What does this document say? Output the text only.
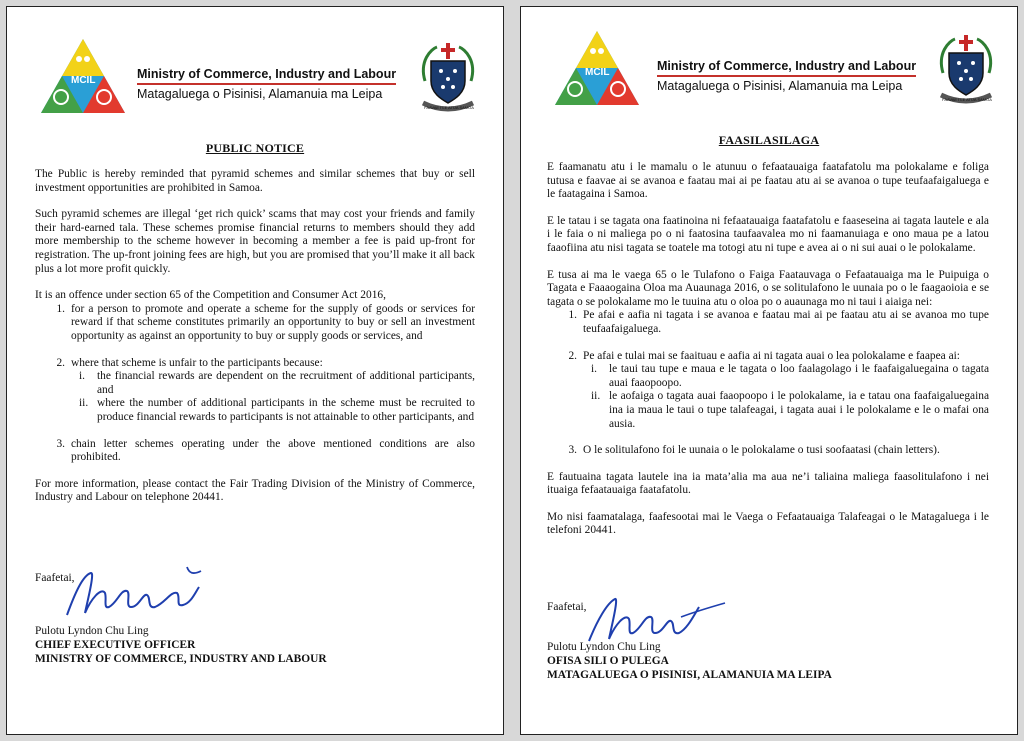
MCIL	Ministry of Commerce, Industry and Labour
Matagaluega o Pisinisi, Alamanuia ma Leipa
FAAVAE I LE ATUA SAMOA
PUBLIC NOTICE

The Public is hereby reminded that pyramid schemes and similar schemes that buy or sell investment opportunities are prohibited in Samoa.

Such pyramid schemes are illegal ‘get rich quick’ scams that may cost your friends and family their hard-earned tala. These schemes promise financial returns to members should they add more membership to the scheme however in becoming a member a fee is paid up-front for registration. The up-front joining fees are high, but you are promised that you’ll make it all back plus a lot more profit quickly.

It is an offence under section 65 of the Competition and Consumer Act 2016,

1. for a person to promote and operate a scheme for the supply of goods or services for reward if that scheme constitutes primarily an opportunity to buy or sell an investment opportunity as against an opportunity to buy or supply goods or services, and
2. where that scheme is unfair to the participants because:
i. the financial rewards are dependent on the recruitment of additional participants, and
ii. where the number of additional participants in the scheme must be recruited to produce financial rewards to participants is not attainable to other participants, and
3. chain letter schemes operating under the above mentioned conditions are also prohibited.

For more information, please contact the Fair Trading Division of the Ministry of Commerce, Industry and Labour on telephone 20441.

Faafetai,
Pulotu Lyndon Chu Ling
CHIEF EXECUTIVE OFFICER
MINISTRY OF COMMERCE, INDUSTRY AND LABOUR
MCIL	Ministry of Commerce, Industry and Labour
Matagaluega o Pisinisi, Alamanuia ma Leipa
FAAVAE I LE ATUA SAMOA
FAASILASILAGA

E faamanatu atu i le mamalu o le atunuu o fefaatauaiga faatafatolu ma polokalame e foliga tutusa e faavae ai se avanoa e faatau mai ai pe faatau atu ai se avanoa o tupe teufaafaigaluega e le faatagaina i Samoa.

E le tatau i se tagata ona faatinoina ni fefaatauaiga faatafatolu e faaseseina ai tagata lautele e ala i le faia o ni maliega po o ni faatosina taufaavalea mo ni faamanuiaga e ono maua pe a latou faaofiina atu nisi tagata se toatele ma totogi atu ni tupe e avea ai o ni sui auai o le polokalame.

E tusa ai ma le vaega 65 o le Tulafono o Faiga Faatauvaga o Fefaatauaiga ma le Puipuiga o Tagata e Faaaogaina Oloa ma Auaunaga 2016, o se solitulafono le uunaia po o le faagaoioia e se tagata o se polokalame mo le tuuina atu o oloa po o auaunaga mo ni taui i aiaiga nei:

1. Pe afai e aafia ni tagata i se avanoa e faatau mai ai pe faatau atu ai se avanoa mo tupe teufaafaigaluega.
2. Pe afai e tulai mai se faaituau e aafia ai ni tagata auai o lea polokalame e faapea ai:
i. le taui tau tupe e maua e le tagata o loo faalagolago i le faafaigaluegaina o tagata auai faaopoopo.
ii. le aofaiga o tagata auai faaopoopo i le polokalame, ia e tatau ona faafaigaluegaina ina ia maua le taui o tupe talafeagai, i tagata auai i le polokalame e le o mafai ona ausia.
3. O le solitulafono foi le uunaia o le polokalame o tusi soofaatasi (chain letters).

E fautuaina tagata lautele ina ia mata’alia ma aua ne’i taliaina maliega faasolitulafono i nei ituaiga fefaatauaiga faatafatolu.

Mo nisi faamatalaga, faafesootai mai le Vaega o Fefaatauaiga Talafeagai o le Matagaluega i le telefoni 20441.

Faafetai,
Pulotu Lyndon Chu Ling
OFISA SILI O PULEGA
MATAGALUEGA O PISINISI, ALAMANUIA MA LEIPA
